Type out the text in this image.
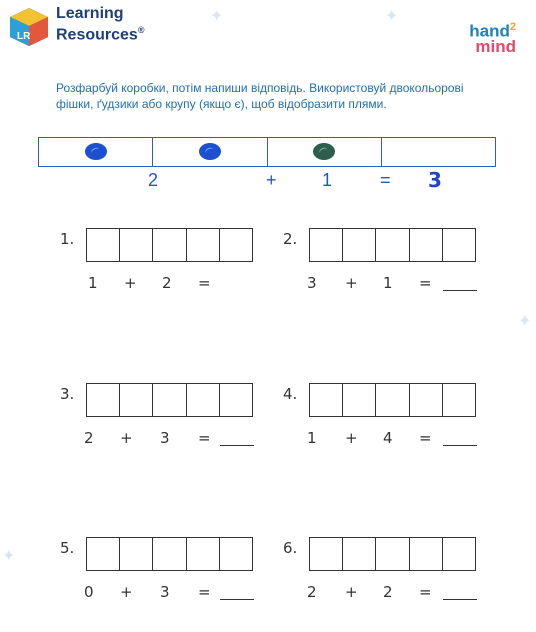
✦	✦
✦
✦
LR
Learning
Resources®	hand$^2$
mind
Розфарбуй коробки, потім напиши відповідь. Використовуй двокольорові фішки, ґудзики або крупу (якщо є), щоб відобразити плями.
2	+	1	= 3
1.
1 + 2 =
2.
3 + 1 =
3.
2 + 3 =
4.
1 + 4 =
5.
0 + 3 =
6.
2 + 2 =
